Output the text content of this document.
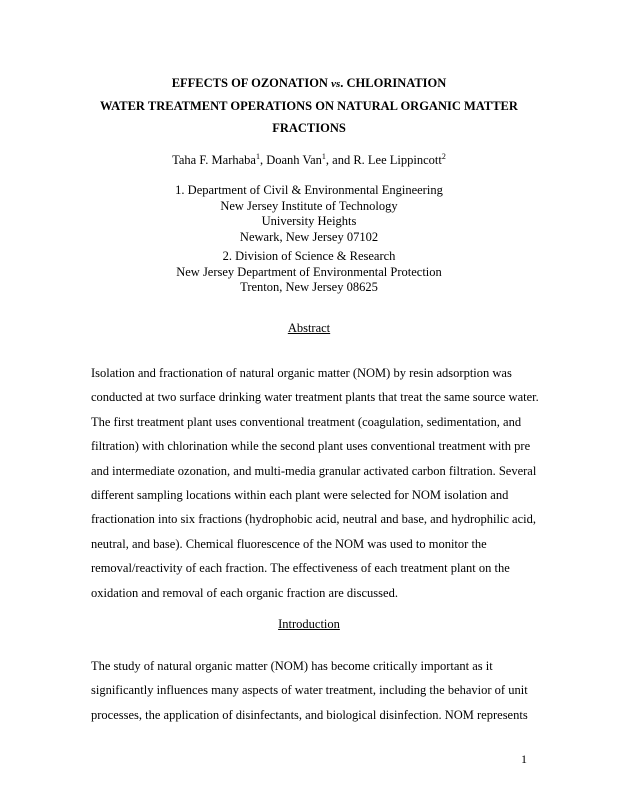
EFFECTS OF OZONATION vs. CHLORINATION
WATER TREATMENT OPERATIONS ON NATURAL ORGANIC MATTER
FRACTIONS
Taha F. Marhaba$^1$, Doanh Van$^1$, and R. Lee Lippincott$^2$
1. Department of Civil & Environmental Engineering
New Jersey Institute of Technology
University Heights
Newark, New Jersey 07102
2. Division of Science & Research
New Jersey Department of Environmental Protection
Trenton, New Jersey 08625
Abstract

Isolation and fractionation of natural organic matter (NOM) by resin adsorption was
conducted at two surface drinking water treatment plants that treat the same source water.
The first treatment plant uses conventional treatment (coagulation, sedimentation, and
filtration) with chlorination while the second plant uses conventional treatment with pre
and intermediate ozonation, and multi-media granular activated carbon filtration. Several
different sampling locations within each plant were selected for NOM isolation and
fractionation into six fractions (hydrophobic acid, neutral and base, and hydrophilic acid,
neutral, and base). Chemical fluorescence of the NOM was used to monitor the
removal/reactivity of each fraction. The effectiveness of each treatment plant on the
oxidation and removal of each organic fraction are discussed.

Introduction

The study of natural organic matter (NOM) has become critically important as it
significantly influences many aspects of water treatment, including the behavior of unit
processes, the application of disinfectants, and biological disinfection. NOM represents

1
